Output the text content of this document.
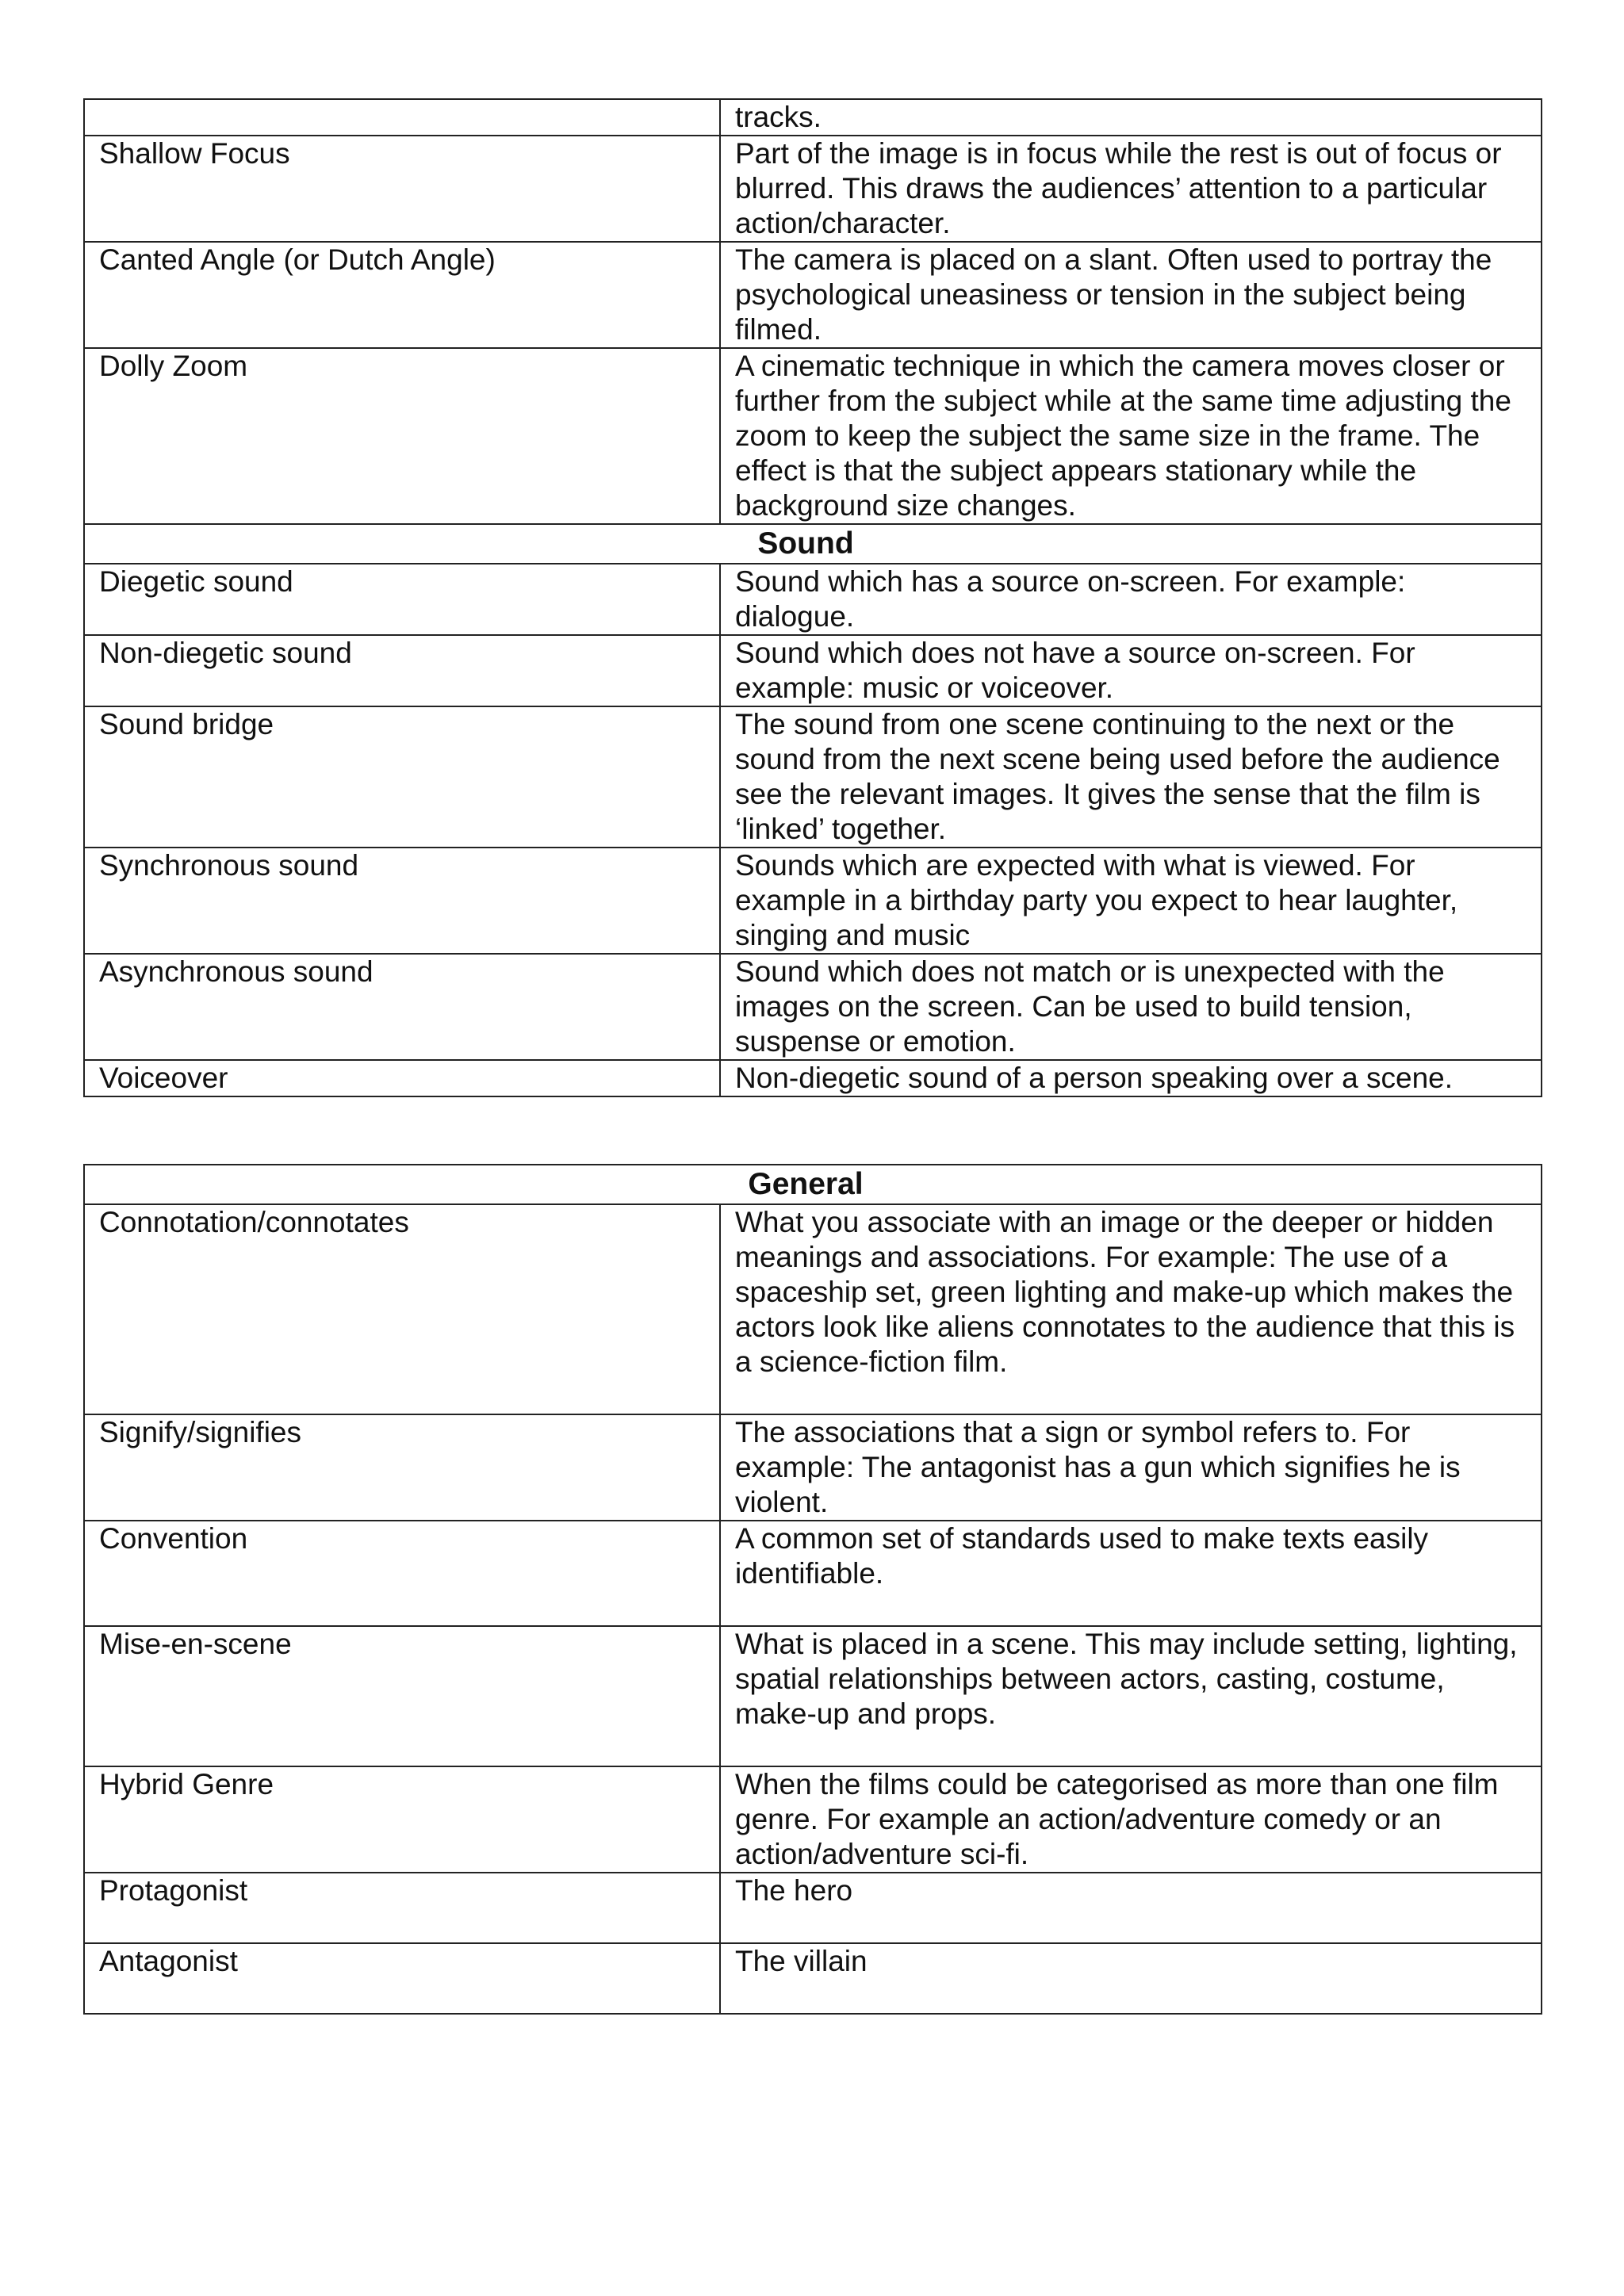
	tracks.
Shallow Focus	Part of the image is in focus while the rest is out of focus or blurred. This draws the audiences’ attention to a particular action/character.
Canted Angle (or Dutch Angle)	The camera is placed on a slant. Often used to portray the psychological uneasiness or tension in the subject being filmed.
Dolly Zoom	A cinematic technique in which the camera moves closer or further from the subject while at the same time adjusting the zoom to keep the subject the same size in the frame. The effect is that the subject appears stationary while the background size changes.
Sound	
Diegetic sound	Sound which has a source on-screen. For example: dialogue.
Non-diegetic sound	Sound which does not have a source on-screen. For example: music or voiceover.
Sound bridge	The sound from one scene continuing to the next or the sound from the next scene being used before the audience see the relevant images. It gives the sense that the film is ‘linked’ together.
Synchronous sound	Sounds which are expected with what is viewed. For example in a birthday party you expect to hear laughter, singing and music
Asynchronous sound	Sound which does not match or is unexpected with the images on the screen. Can be used to build tension, suspense or emotion.
Voiceover	Non-diegetic sound of a person speaking over a scene.
General	
Connotation/connotates	What you associate with an image or the deeper or hidden meanings and associations. For example: The use of a spaceship set, green lighting and make-up which makes the actors look like aliens connotates to the audience that this is a science-fiction film.
Signify/signifies	The associations that a sign or symbol refers to. For example: The antagonist has a gun which signifies he is violent.
Convention	A common set of standards used to make texts easily identifiable.
Mise-en-scene	What is placed in a scene. This may include setting, lighting, spatial relationships between actors, casting, costume, make-up and props.
Hybrid Genre	When the films could be categorised as more than one film genre. For example an action/adventure comedy or an action/adventure sci-fi.
Protagonist	The hero
Antagonist	The villain
